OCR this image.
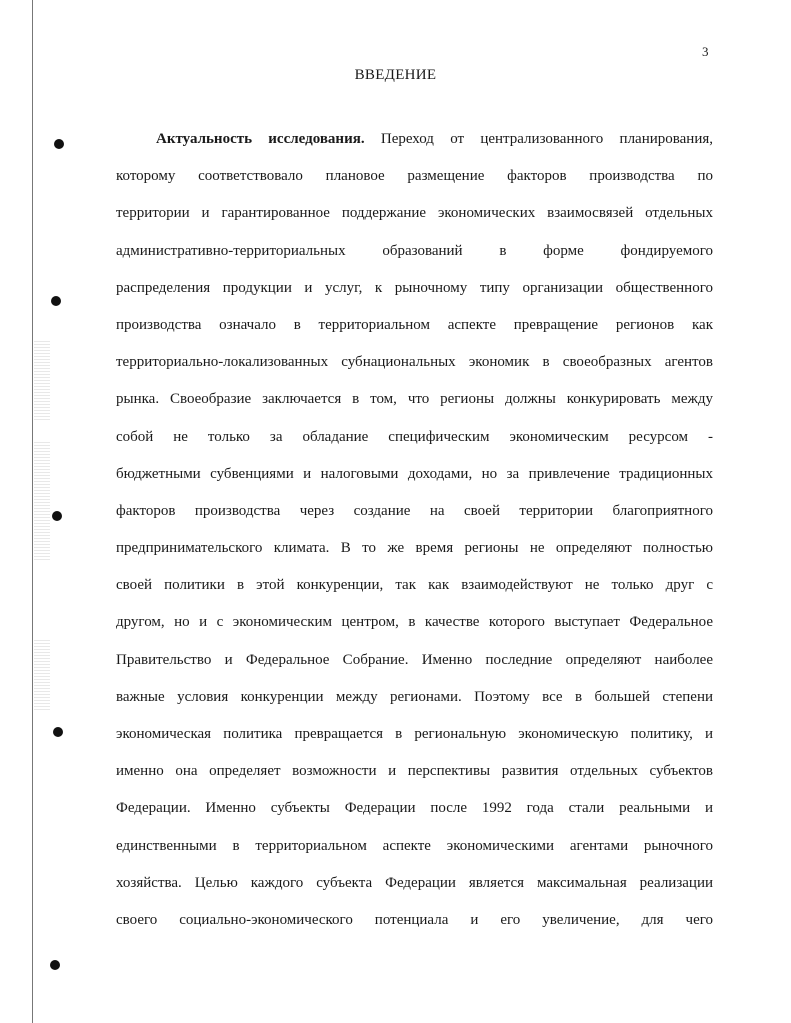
3
ВВЕДЕНИЕ
Актуальность исследования. Переход от централизованного планирования,
которому соответствовало плановое размещение факторов производства по
территории и гарантированное поддержание экономических взаимосвязей отдельных
административно-территориальных образований в форме фондируемого
распределения продукции и услуг, к рыночному типу организации общественного
производства означало в территориальном аспекте превращение регионов как
территориально-локализованных субнациональных экономик в своеобразных агентов
рынка. Своеобразие заключается в том, что регионы должны конкурировать между
собой не только за обладание специфическим экономическим ресурсом -
бюджетными субвенциями и налоговыми доходами, но за привлечение традиционных
факторов производства через создание на своей территории благоприятного
предпринимательского климата. В то же время регионы не определяют полностью
своей политики в этой конкуренции, так как взаимодействуют не только друг с
другом, но и с экономическим центром, в качестве которого выступает Федеральное
Правительство и Федеральное Собрание. Именно последние определяют наиболее
важные условия конкуренции между регионами. Поэтому все в большей степени
экономическая политика превращается в региональную экономическую политику, и
именно она определяет возможности и перспективы развития отдельных субъектов
Федерации. Именно субъекты Федерации после 1992 года стали реальными и
единственными в территориальном аспекте экономическими агентами рыночного
хозяйства. Целью каждого субъекта Федерации является максимальная реализации
своего социально-экономического потенциала и его увеличение, для чего
